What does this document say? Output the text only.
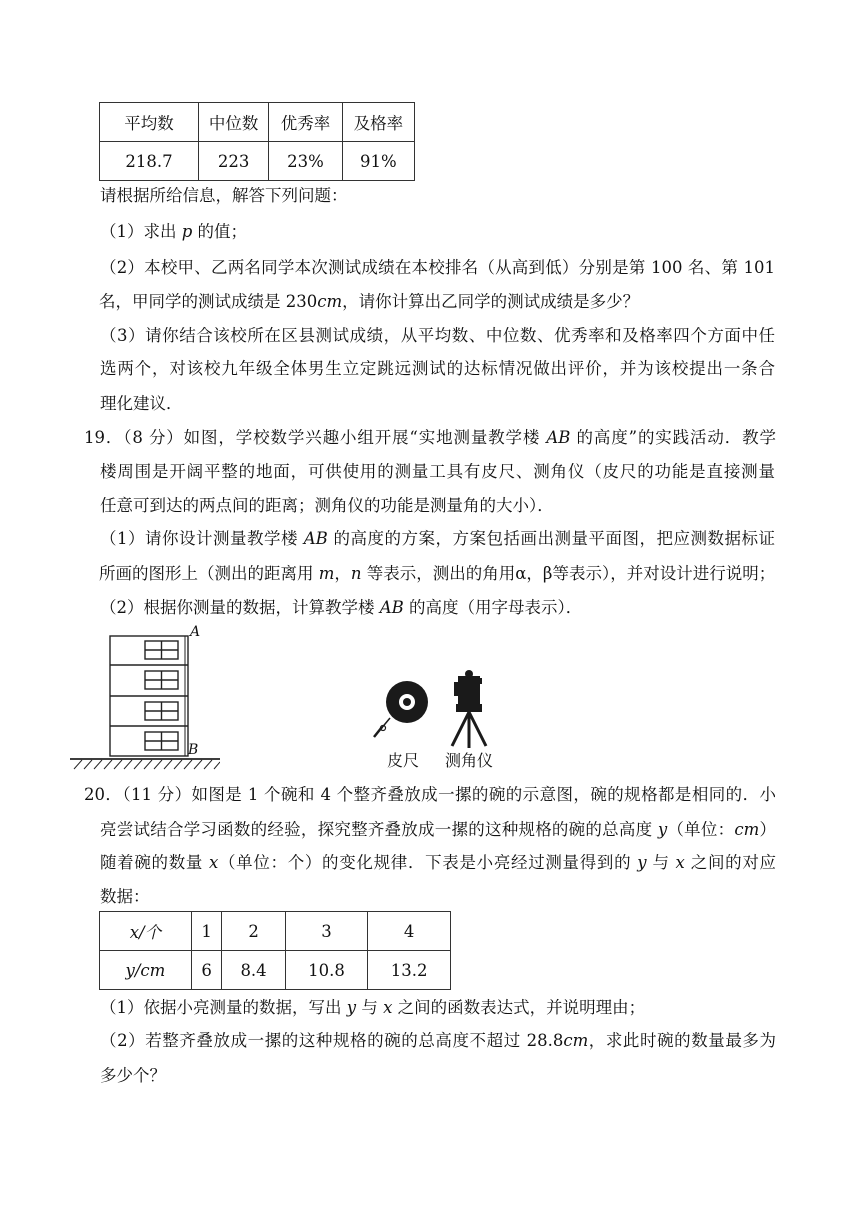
平均数	中位数	优秀率	及格率
218.7	223	23%	91%
请根据所给信息，解答下列问题：
（1）求出 p 的值；
（2）本校甲、乙两名同学本次测试成绩在本校排名（从高到低）分别是第 100 名、第 101
名，甲同学的测试成绩是 230cm，请你计算出乙同学的测试成绩是多少？
（3）请你结合该校所在区县测试成绩，从平均数、中位数、优秀率和及格率四个方面中任
选两个，对该校九年级全体男生立定跳远测试的达标情况做出评价，并为该校提出一条合
理化建议．
19．（8 分）如图，学校数学兴趣小组开展“实地测量教学楼 AB 的高度”的实践活动．教学
楼周围是开阔平整的地面，可供使用的测量工具有皮尺、测角仪（皮尺的功能是直接测量
任意可到达的两点间的距离；测角仪的功能是测量角的大小）．
（1）请你设计测量教学楼 AB 的高度的方案，方案包括画出测量平面图，把应测数据标证
所画的图形上（测出的距离用 m，n 等表示，测出的角用α，β等表示），并对设计进行说明；
（2）根据你测量的数据，计算教学楼 AB 的高度（用字母表示）．
A
B
皮尺 测角仪
20．（11 分）如图是 1 个碗和 4 个整齐叠放成一摞的碗的示意图，碗的规格都是相同的．小
亮尝试结合学习函数的经验，探究整齐叠放成一摞的这种规格的碗的总高度 y（单位：cm）
随着碗的数量 x（单位：个）的变化规律．下表是小亮经过测量得到的 y 与 x 之间的对应
数据：
x/个	1	2	3	4
y/cm	6	8.4	10.8	13.2
（1）依据小亮测量的数据，写出 y 与 x 之间的函数表达式，并说明理由；
（2）若整齐叠放成一摞的这种规格的碗的总高度不超过 28.8cm，求此时碗的数量最多为
多少个？
